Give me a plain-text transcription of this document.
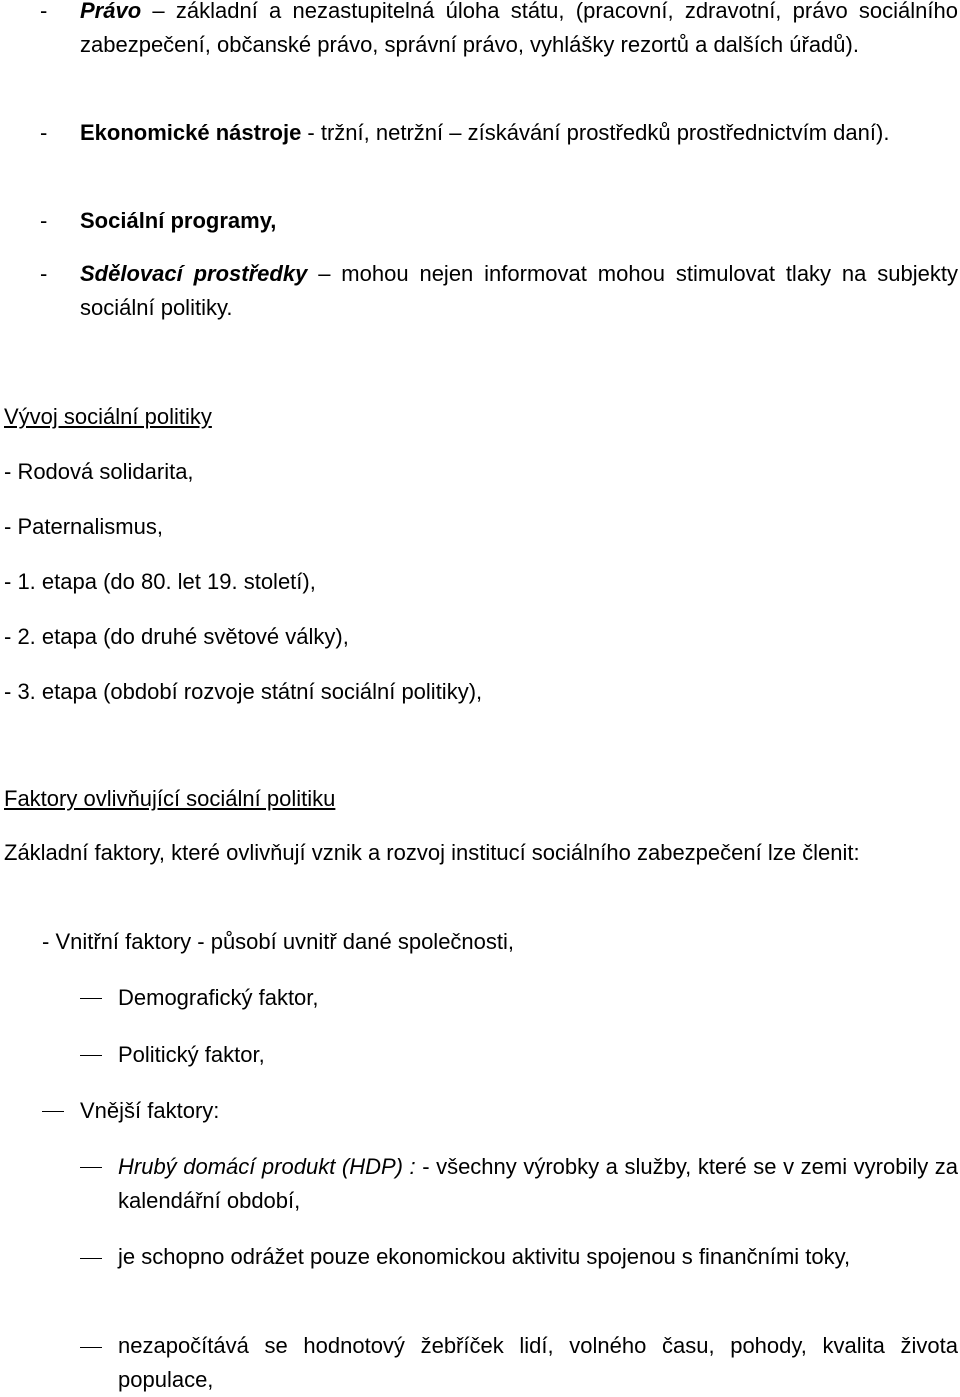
- Právo – základní a nezastupitelná úloha státu, (pracovní, zdravotní, právo sociálního zabezpečení, občanské právo, správní právo, vyhlášky rezortů a dalších úřadů).
- Ekonomické nástroje - tržní, netržní – získávání prostředků prostřednictvím daní).
- Sociální programy,
- Sdělovací prostředky – mohou nejen informovat mohou stimulovat tlaky na subjekty sociální politiky.
Vývoj sociální politiky
- Rodová solidarita,
- Paternalismus,
- 1. etapa (do 80. let 19. století),
- 2. etapa (do druhé světové války),
- 3. etapa (období rozvoje státní sociální politiky),
Faktory ovlivňující sociální politiku
Základní faktory, které ovlivňují vznik a rozvoj institucí sociálního zabezpečení lze členit:
- Vnitřní faktory - působí uvnitř dané společnosti,
Demografický faktor,
Politický faktor,
Vnější faktory:
Hrubý domácí produkt (HDP) : - všechny výrobky a služby, které se v zemi vyrobily za kalendářní období,
je schopno odrážet pouze ekonomickou aktivitu spojenou s finančními toky,
nezapočítává se hodnotový žebříček lidí, volného času, pohody, kvalita života populace,
